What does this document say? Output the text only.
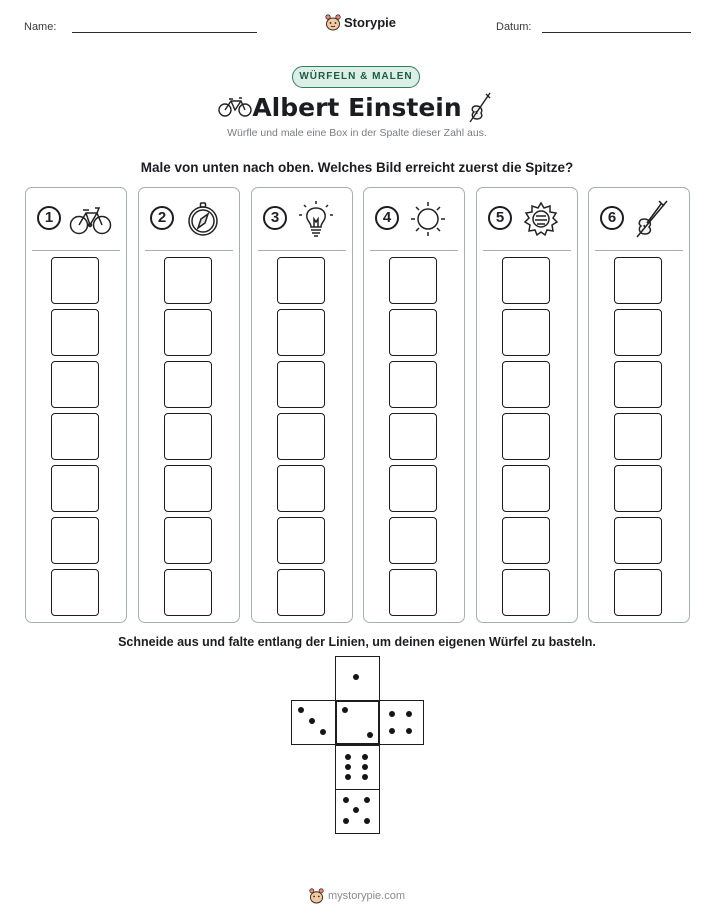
Name:	Storypie	Datum:
WÜRFELN & MALEN
Albert Einstein
Würfle und male eine Box in der Spalte dieser Zahl aus.
Male von unten nach oben. Welches Bild erreicht zuerst die Spitze?
1	2	3	4	5	6
Schneide aus und falte entlang der Linien, um deinen eigenen Würfel zu basteln.
mystorypie.com
